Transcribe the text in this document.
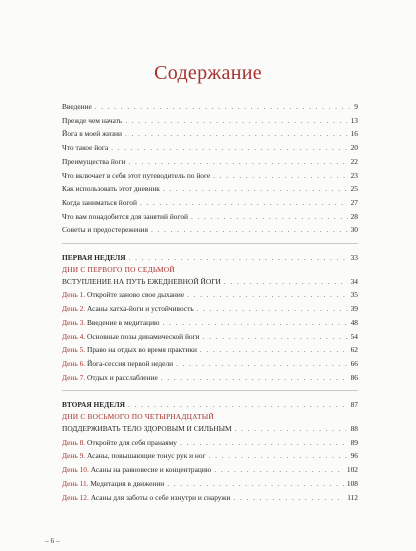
Содержание
Введение . . .	9
Прежде чем начать . . .	13
Йога в моей жизни . . .	16
Что такое йога . . .	20
Преимущества йоги . . .	22
Что включает в себя этот путеводитель по йоге . . .	23
Как использовать этот дневник . . .	25
Когда заниматься йогой . . .	27
Что вам понадобится для занятий йогой . . .	28
Советы и предостережения . . .	30
ПЕРВАЯ НЕДЕЛЯ . . .	33
ДНИ С ПЕРВОГО ПО СЕДЬМОЙ
ВСТУПЛЕНИЕ НА ПУТЬ ЕЖЕДНЕВНОЙ ЙОГИ . . .	34
День 1. Откройте заново свое дыхание . . .	35
День 2. Асаны хатха-йоги и устойчивость . . .	39
День 3. Введение в медитацию . . .	48
День 4. Основные позы динамической йоги . . .	54
День 5. Право на отдых во время практики . . .	62
День 6. Йога-сессия первой недели . . .	66
День 7. Отдых и расслабление . . .	86
ВТОРАЯ НЕДЕЛЯ . . .	87
ДНИ С ВОСЬМОГО ПО ЧЕТЫРНАДЦАТЫЙ
ПОДДЕРЖИВАТЬ ТЕЛО ЗДОРОВЫМ И СИЛЬНЫМ . . .	88
День 8. Откройте для себя пранаяму . . .	89
День 9. Асаны, повышающие тонус рук и ног . . .	96
День 10. Асаны на равновесие и концентрацию . . .	102
День 11. Медитация в движении . . .	108
День 12. Асаны для заботы о себе изнутри и снаружи . . .	112
– 6 –
